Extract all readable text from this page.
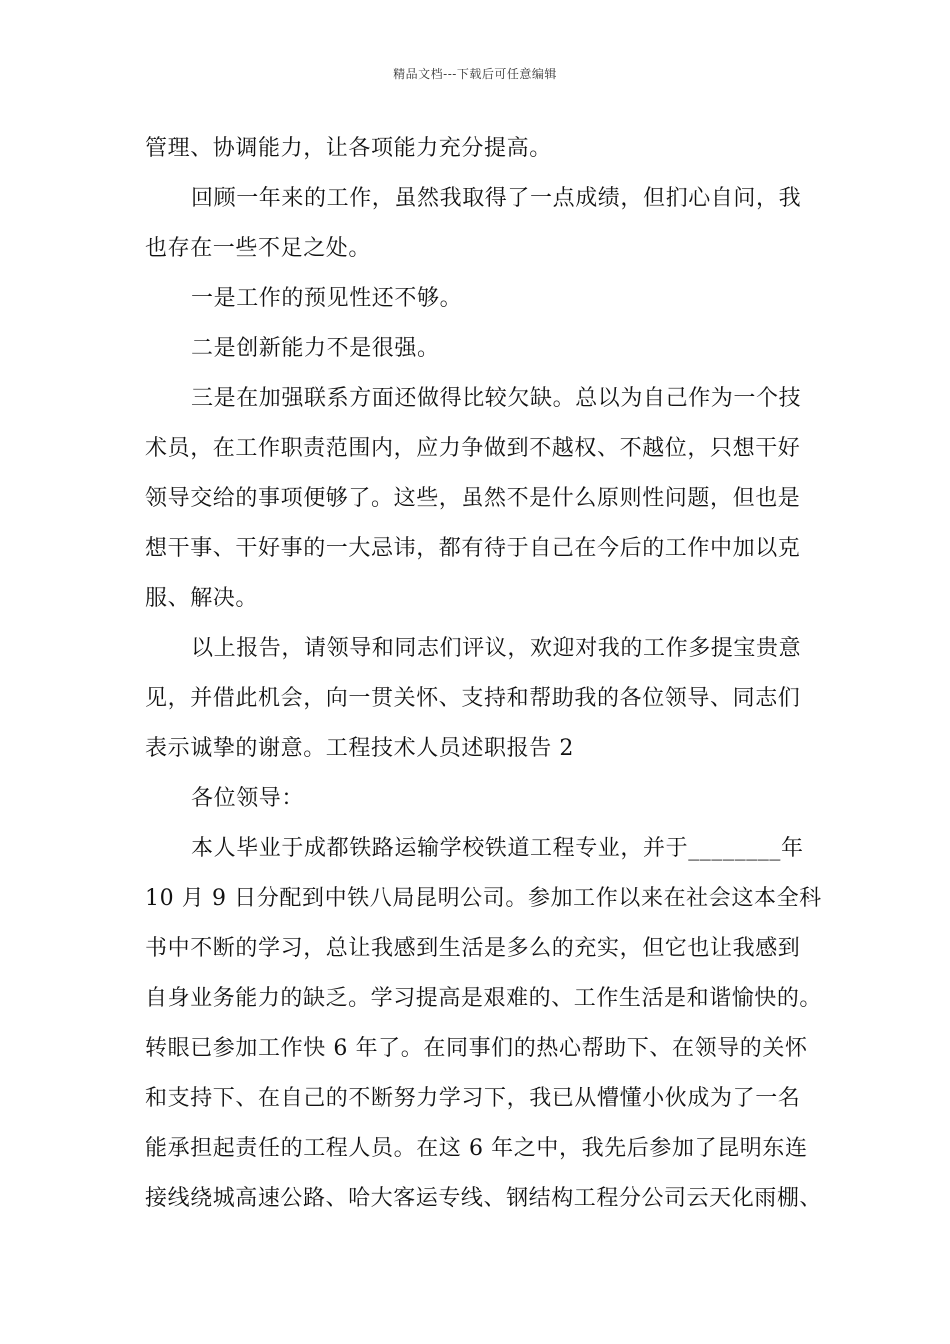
精品文档---下载后可任意编辑
管理、协调能力，让各项能力充分提高。
回顾一年来的工作，虽然我取得了一点成绩，但扪心自问，我
也存在一些不足之处。
一是工作的预见性还不够。
二是创新能力不是很强。
三是在加强联系方面还做得比较欠缺。总以为自己作为一个技
术员，在工作职责范围内，应力争做到不越权、不越位，只想干好
领导交给的事项便够了。这些，虽然不是什么原则性问题，但也是
想干事、干好事的一大忌讳，都有待于自己在今后的工作中加以克
服、解决。
以上报告，请领导和同志们评议，欢迎对我的工作多提宝贵意
见，并借此机会，向一贯关怀、支持和帮助我的各位领导、同志们
表示诚挚的谢意。工程技术人员述职报告 2
各位领导：
本人毕业于成都铁路运输学校铁道工程专业，并于________年
10 月 9 日分配到中铁八局昆明公司。参加工作以来在社会这本全科
书中不断的学习，总让我感到生活是多么的充实，但它也让我感到
自身业务能力的缺乏。学习提高是艰难的、工作生活是和谐愉快的。
转眼已参加工作快 6 年了。在同事们的热心帮助下、在领导的关怀
和支持下、在自己的不断努力学习下，我已从懵懂小伙成为了一名
能承担起责任的工程人员。在这 6 年之中，我先后参加了昆明东连
接线绕城高速公路、哈大客运专线、钢结构工程分公司云天化雨棚、
